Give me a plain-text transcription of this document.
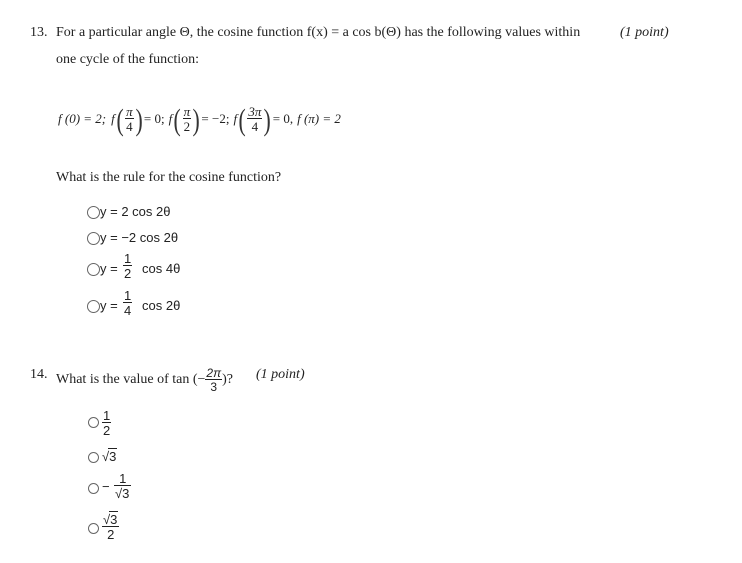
13. For a particular angle Θ, the cosine function f(x) = a cos b(Θ) has the following values within	(1 point)
one cycle of the function:
f (0) = 2; f ( $\frac{\pi}{4}$ ) = 0; f ( $\frac{\pi}{2}$ ) = −2; f ( $\frac{3\pi}{4}$ ) = 0, f (π) = 2
What is the rule for the cosine function?
y = 2 cos 2θ
y = −2 cos 2θ
$y = \frac{1}{2}$ cos 4θ
$y = \frac{1}{4}$ cos 2θ
14. What is the value of tan (− $\frac{2\pi}{3}$ )? (1 point)
$\frac{1}{2}$
√3
− $\frac{1}{√3}$
$\frac{√3}{2}$
